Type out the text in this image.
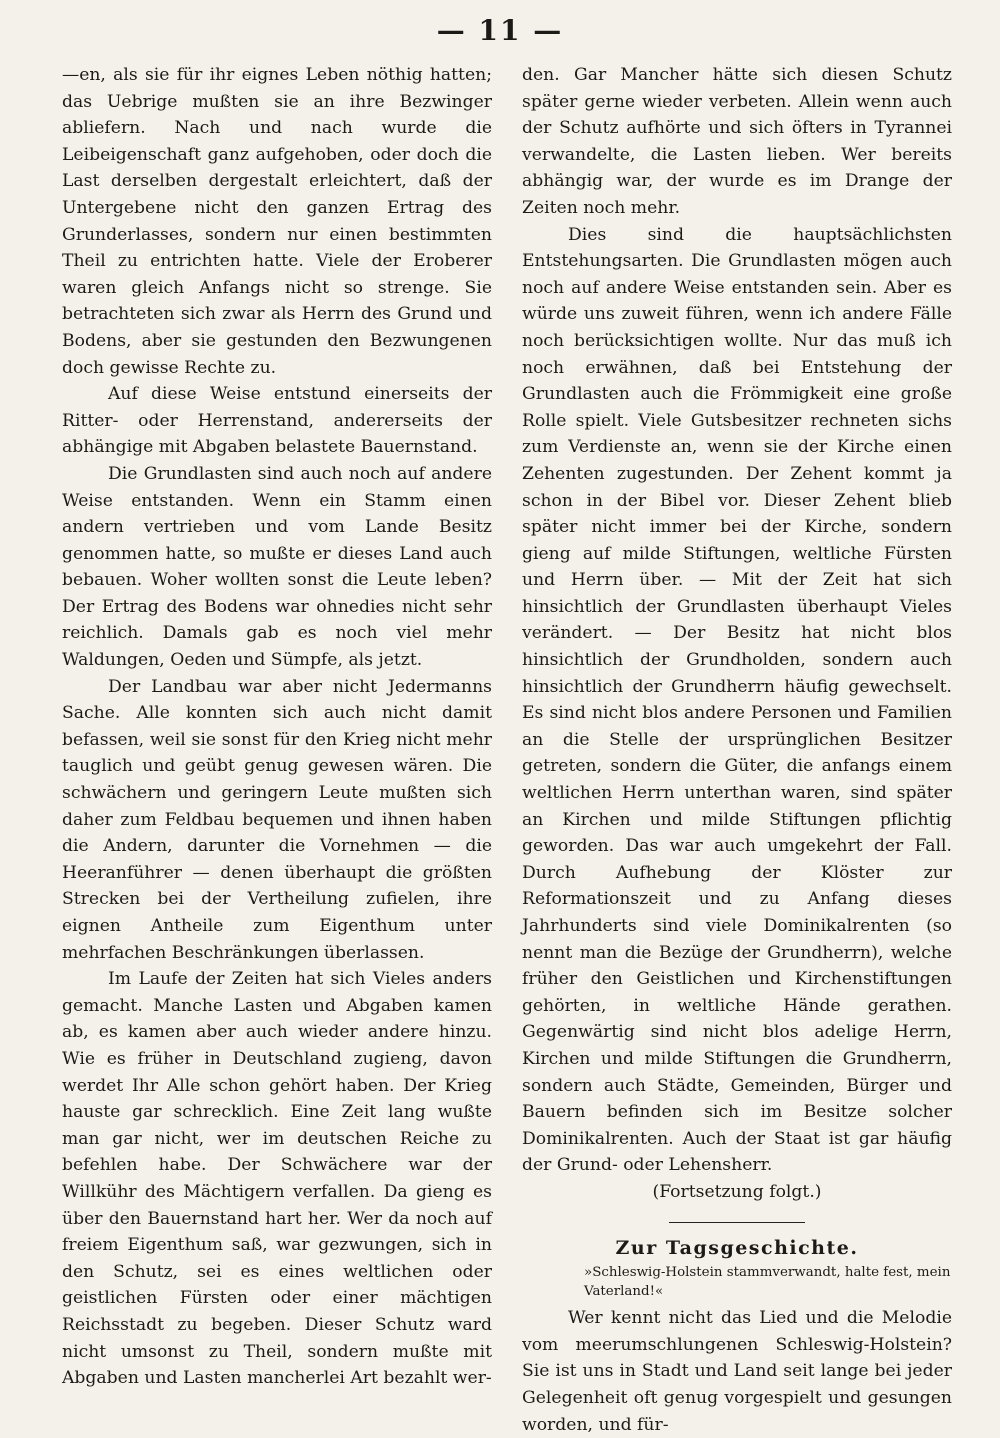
— 11 —

—en, als sie für ihr eignes Leben nöthig hatten; das Uebrige mußten sie an ihre Bezwinger abliefern. Nach und nach wurde die Leibeigenschaft ganz aufgehoben, oder doch die Last derselben dergestalt erleichtert, daß der Untergebene nicht den ganzen Ertrag des Grunderlasses, sondern nur einen bestimmten Theil zu entrichten hatte. Viele der Eroberer waren gleich Anfangs nicht so strenge. Sie betrachteten sich zwar als Herrn des Grund und Bodens, aber sie gestunden den Bezwungenen doch gewisse Rechte zu.

Auf diese Weise entstund einerseits der Ritter- oder Herrenstand, andererseits der abhängige mit Abgaben belastete Bauernstand.

Die Grundlasten sind auch noch auf andere Weise entstanden. Wenn ein Stamm einen andern vertrieben und vom Lande Besitz genommen hatte, so mußte er dieses Land auch bebauen. Woher wollten sonst die Leute leben? Der Ertrag des Bodens war ohnedies nicht sehr reichlich. Damals gab es noch viel mehr Waldungen, Oeden und Sümpfe, als jetzt.

Der Landbau war aber nicht Jedermanns Sache. Alle konnten sich auch nicht damit befassen, weil sie sonst für den Krieg nicht mehr tauglich und geübt genug gewesen wären. Die schwächern und geringern Leute mußten sich daher zum Feldbau bequemen und ihnen haben die Andern, darunter die Vornehmen — die Heeranführer — denen überhaupt die größten Strecken bei der Vertheilung zufielen, ihre eignen Antheile zum Eigenthum unter mehrfachen Beschränkungen überlassen.

Im Laufe der Zeiten hat sich Vieles anders gemacht. Manche Lasten und Abgaben kamen ab, es kamen aber auch wieder andere hinzu. Wie es früher in Deutschland zugieng, davon werdet Ihr Alle schon gehört haben. Der Krieg hauste gar schrecklich. Eine Zeit lang wußte man gar nicht, wer im deutschen Reiche zu befehlen habe. Der Schwächere war der Willkühr des Mächtigern verfallen. Da gieng es über den Bauernstand hart her. Wer da noch auf freiem Eigenthum saß, war gezwungen, sich in den Schutz, sei es eines weltlichen oder geistlichen Fürsten oder einer mächtigen Reichsstadt zu begeben. Dieser Schutz ward nicht umsonst zu Theil, sondern mußte mit Abgaben und Lasten mancherlei Art bezahlt wer-

den. Gar Mancher hätte sich diesen Schutz später gerne wieder verbeten. Allein wenn auch der Schutz aufhörte und sich öfters in Tyrannei verwandelte, die Lasten lieben. Wer bereits abhängig war, der wurde es im Drange der Zeiten noch mehr.

Dies sind die hauptsächlichsten Entstehungsarten. Die Grundlasten mögen auch noch auf andere Weise entstanden sein. Aber es würde uns zuweit führen, wenn ich andere Fälle noch berücksichtigen wollte. Nur das muß ich noch erwähnen, daß bei Entstehung der Grundlasten auch die Frömmigkeit eine große Rolle spielt. Viele Gutsbesitzer rechneten sichs zum Verdienste an, wenn sie der Kirche einen Zehenten zugestunden. Der Zehent kommt ja schon in der Bibel vor. Dieser Zehent blieb später nicht immer bei der Kirche, sondern gieng auf milde Stiftungen, weltliche Fürsten und Herrn über. — Mit der Zeit hat sich hinsichtlich der Grundlasten überhaupt Vieles verändert. — Der Besitz hat nicht blos hinsichtlich der Grundholden, sondern auch hinsichtlich der Grundherrn häufig gewechselt. Es sind nicht blos andere Personen und Familien an die Stelle der ursprünglichen Besitzer getreten, sondern die Güter, die anfangs einem weltlichen Herrn unterthan waren, sind später an Kirchen und milde Stiftungen pflichtig geworden. Das war auch umgekehrt der Fall. Durch Aufhebung der Klöster zur Reformationszeit und zu Anfang dieses Jahrhunderts sind viele Dominikalrenten (so nennt man die Bezüge der Grundherrn), welche früher den Geistlichen und Kirchenstiftungen gehörten, in weltliche Hände gerathen. Gegenwärtig sind nicht blos adelige Herrn, Kirchen und milde Stiftungen die Grundherrn, sondern auch Städte, Gemeinden, Bürger und Bauern befinden sich im Besitze solcher Dominikalrenten. Auch der Staat ist gar häufig der Grund- oder Lehensherr.

(Fortsetzung folgt.)

Zur Tagsgeschichte.
»Schleswig-Holstein stammverwandt, halte fest, mein Vaterland!«

Wer kennt nicht das Lied und die Melodie vom meerumschlungenen Schleswig-Holstein? Sie ist uns in Stadt und Land seit lange bei jeder Gelegenheit oft genug vorgespielt und gesungen worden, und für-
